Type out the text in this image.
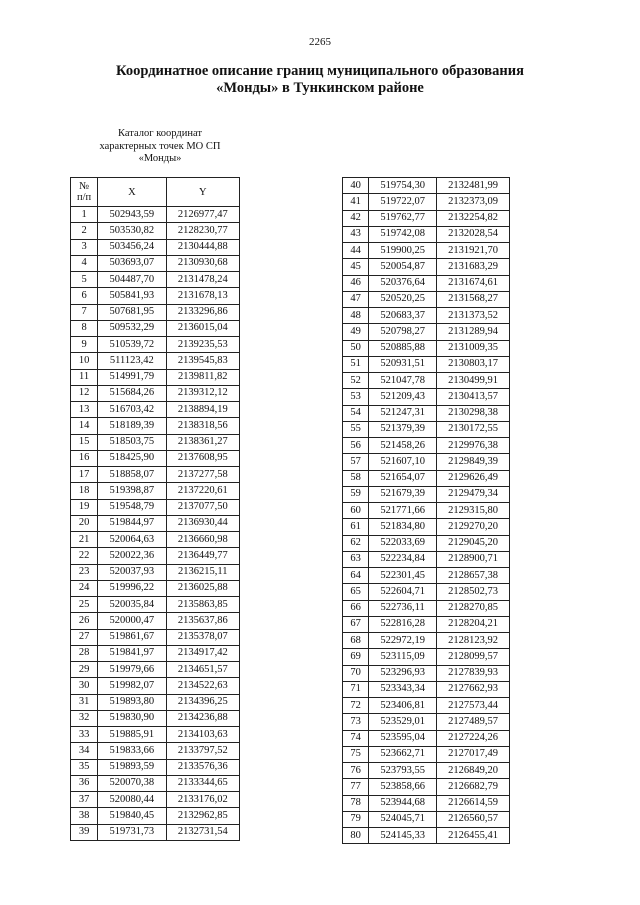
2265
Координатное описание границ муниципального образования
«Монды» в Тункинском районе
Каталог координат
характерных точек МО СП
«Монды»
№
п/п	X	Y
1	502943,59	2126977,47
2	503530,82	2128230,77
3	503456,24	2130444,88
4	503693,07	2130930,68
5	504487,70	2131478,24
6	505841,93	2131678,13
7	507681,95	2133296,86
8	509532,29	2136015,04
9	510539,72	2139235,53
10	511123,42	2139545,83
11	514991,79	2139811,82
12	515684,26	2139312,12
13	516703,42	2138894,19
14	518189,39	2138318,56
15	518503,75	2138361,27
16	518425,90	2137608,95
17	518858,07	2137277,58
18	519398,87	2137220,61
19	519548,79	2137077,50
20	519844,97	2136930,44
21	520064,63	2136660,98
22	520022,36	2136449,77
23	520037,93	2136215,11
24	519996,22	2136025,88
25	520035,84	2135863,85
26	520000,47	2135637,86
27	519861,67	2135378,07
28	519841,97	2134917,42
29	519979,66	2134651,57
30	519982,07	2134522,63
31	519893,80	2134396,25
32	519830,90	2134236,88
33	519885,91	2134103,63
34	519833,66	2133797,52
35	519893,59	2133576,36
36	520070,38	2133344,65
37	520080,44	2133176,02
38	519840,45	2132962,85
39	519731,73	2132731,54
40	519754,30	2132481,99
41	519722,07	2132373,09
42	519762,77	2132254,82
43	519742,08	2132028,54
44	519900,25	2131921,70
45	520054,87	2131683,29
46	520376,64	2131674,61
47	520520,25	2131568,27
48	520683,37	2131373,52
49	520798,27	2131289,94
50	520885,88	2131009,35
51	520931,51	2130803,17
52	521047,78	2130499,91
53	521209,43	2130413,57
54	521247,31	2130298,38
55	521379,39	2130172,55
56	521458,26	2129976,38
57	521607,10	2129849,39
58	521654,07	2129626,49
59	521679,39	2129479,34
60	521771,66	2129315,80
61	521834,80	2129270,20
62	522033,69	2129045,20
63	522234,84	2128900,71
64	522301,45	2128657,38
65	522604,71	2128502,73
66	522736,11	2128270,85
67	522816,28	2128204,21
68	522972,19	2128123,92
69	523115,09	2128099,57
70	523296,93	2127839,93
71	523343,34	2127662,93
72	523406,81	2127573,44
73	523529,01	2127489,57
74	523595,04	2127224,26
75	523662,71	2127017,49
76	523793,55	2126849,20
77	523858,66	2126682,79
78	523944,68	2126614,59
79	524045,71	2126560,57
80	524145,33	2126455,41
